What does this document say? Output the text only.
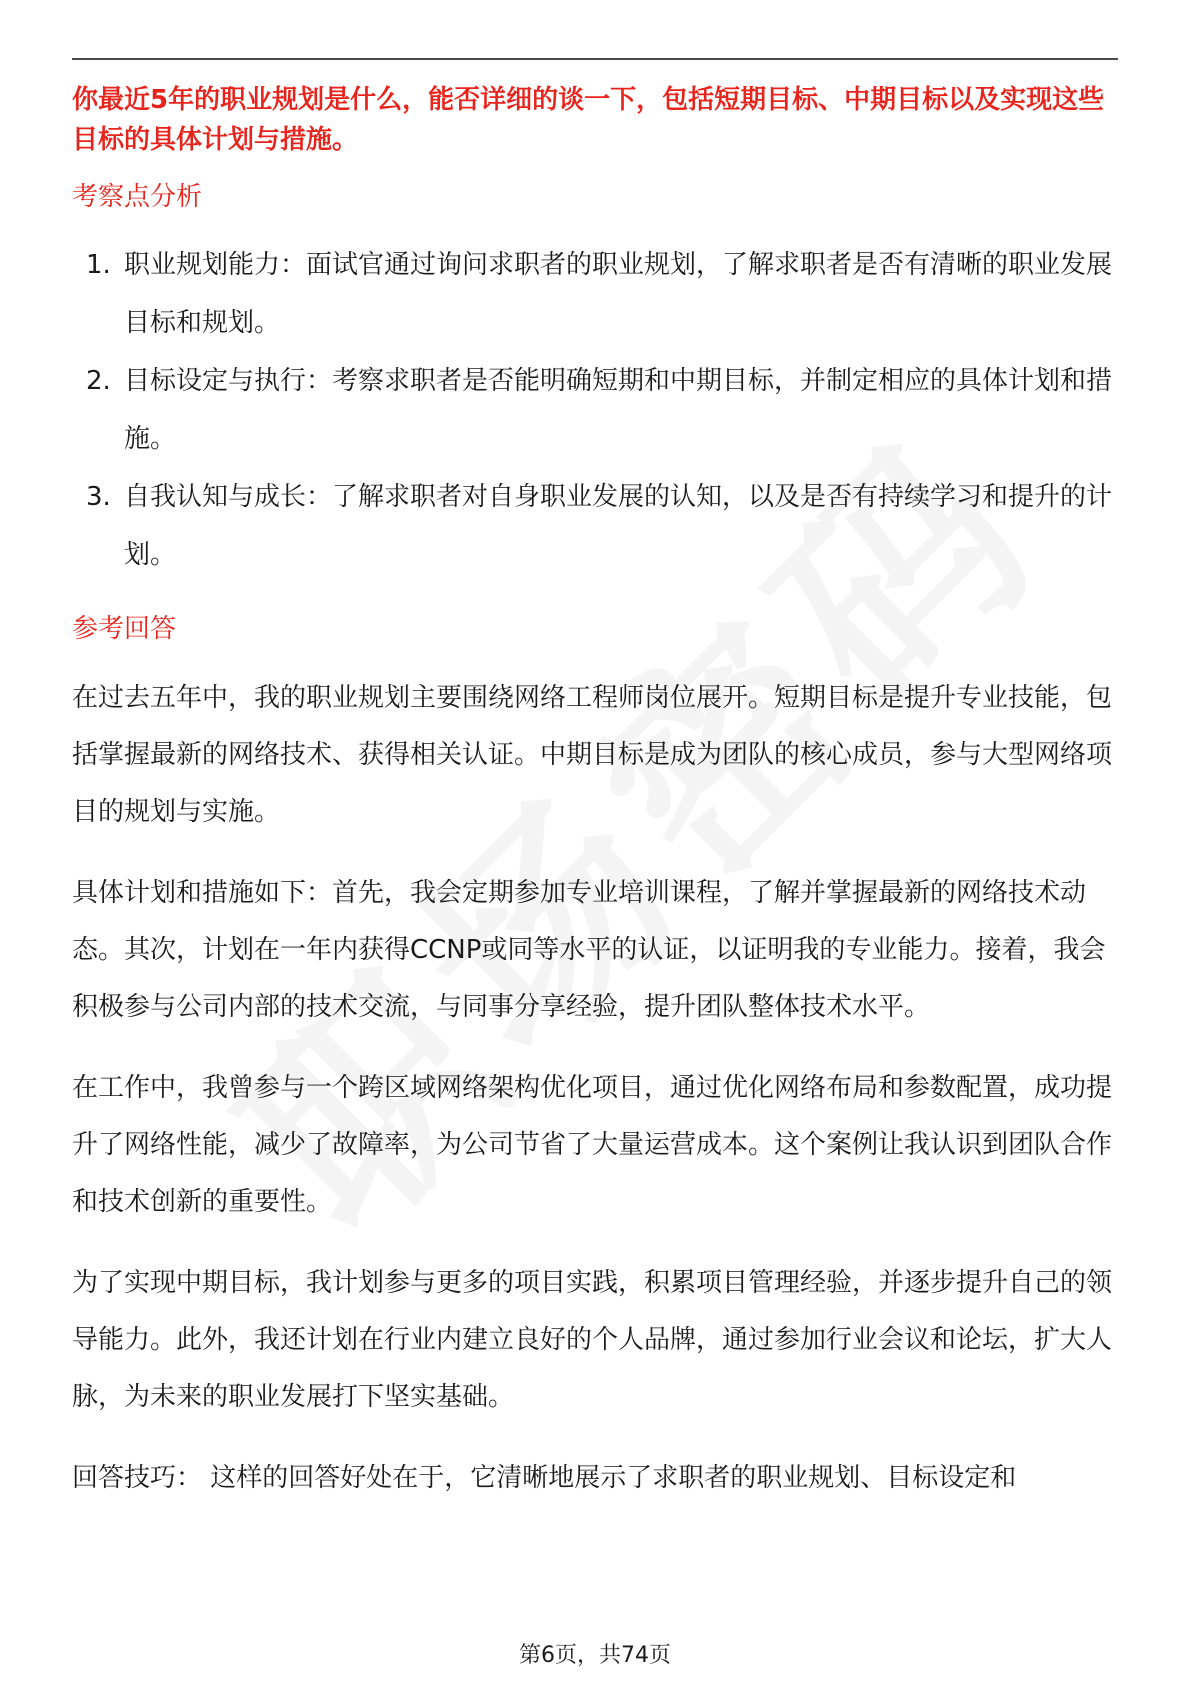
你最近5年的职业规划是什么，能否详细的谈一下，包括短期目标、中期目标以及实现这些目标的具体计划与措施。

考察点分析

1. 职业规划能力：面试官通过询问求职者的职业规划，了解求职者是否有清晰的职业发展目标和规划。
2. 目标设定与执行：考察求职者是否能明确短期和中期目标，并制定相应的具体计划和措施。
3. 自我认知与成长：了解求职者对自身职业发展的认知，以及是否有持续学习和提升的计划。

参考回答

在过去五年中，我的职业规划主要围绕网络工程师岗位展开。短期目标是提升专业技能，包括掌握最新的网络技术、获得相关认证。中期目标是成为团队的核心成员，参与大型网络项目的规划与实施。

具体计划和措施如下：首先，我会定期参加专业培训课程，了解并掌握最新的网络技术动态。其次，计划在一年内获得CCNP或同等水平的认证，以证明我的专业能力。接着，我会积极参与公司内部的技术交流，与同事分享经验，提升团队整体技术水平。

在工作中，我曾参与一个跨区域网络架构优化项目，通过优化网络布局和参数配置，成功提升了网络性能，减少了故障率，为公司节省了大量运营成本。这个案例让我认识到团队合作和技术创新的重要性。

为了实现中期目标，我计划参与更多的项目实践，积累项目管理经验，并逐步提升自己的领导能力。此外，我还计划在行业内建立良好的个人品牌，通过参加行业会议和论坛，扩大人脉，为未来的职业发展打下坚实基础。

回答技巧： 这样的回答好处在于，它清晰地展示了求职者的职业规划、目标设定和

第6页，共74页
